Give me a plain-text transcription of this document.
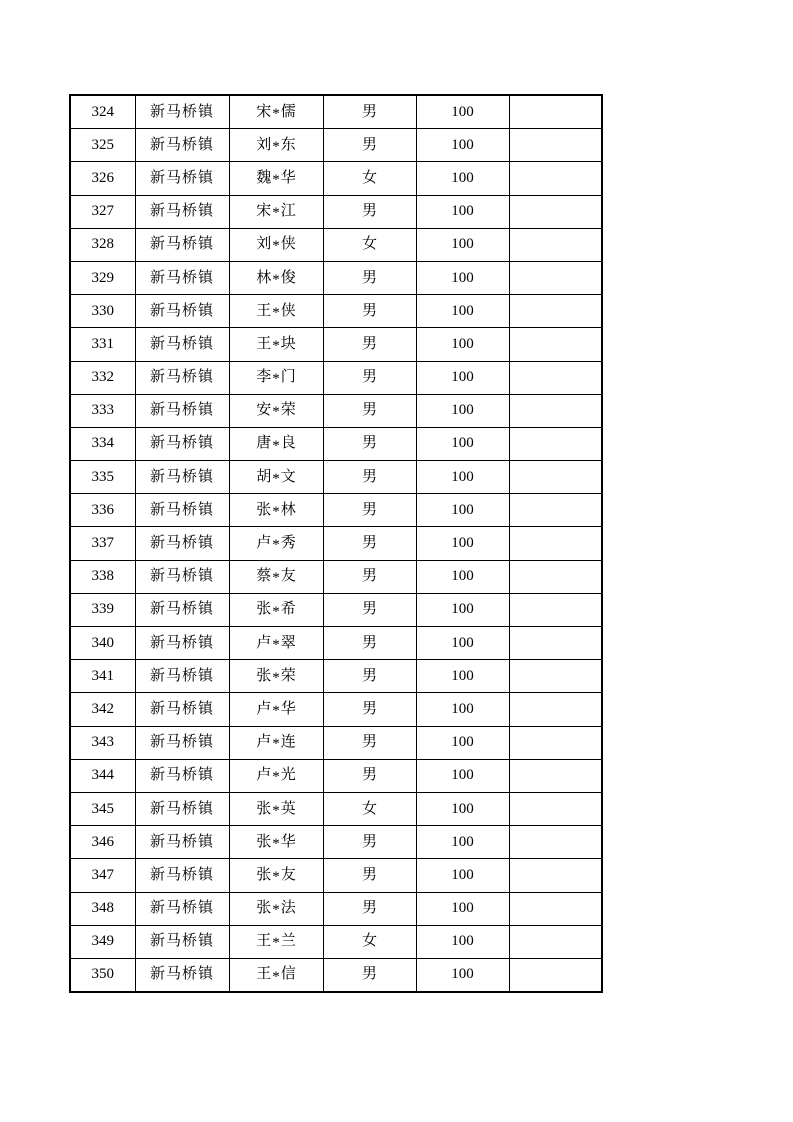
324	新马桥镇	宋*儒	男	100	
325	新马桥镇	刘*东	男	100	
326	新马桥镇	魏*华	女	100	
327	新马桥镇	宋*江	男	100	
328	新马桥镇	刘*侠	女	100	
329	新马桥镇	林*俊	男	100	
330	新马桥镇	王*侠	男	100	
331	新马桥镇	王*块	男	100	
332	新马桥镇	李*门	男	100	
333	新马桥镇	安*荣	男	100	
334	新马桥镇	唐*良	男	100	
335	新马桥镇	胡*文	男	100	
336	新马桥镇	张*林	男	100	
337	新马桥镇	卢*秀	男	100	
338	新马桥镇	蔡*友	男	100	
339	新马桥镇	张*希	男	100	
340	新马桥镇	卢*翠	男	100	
341	新马桥镇	张*荣	男	100	
342	新马桥镇	卢*华	男	100	
343	新马桥镇	卢*连	男	100	
344	新马桥镇	卢*光	男	100	
345	新马桥镇	张*英	女	100	
346	新马桥镇	张*华	男	100	
347	新马桥镇	张*友	男	100	
348	新马桥镇	张*法	男	100	
349	新马桥镇	王*兰	女	100	
350	新马桥镇	王*信	男	100	
